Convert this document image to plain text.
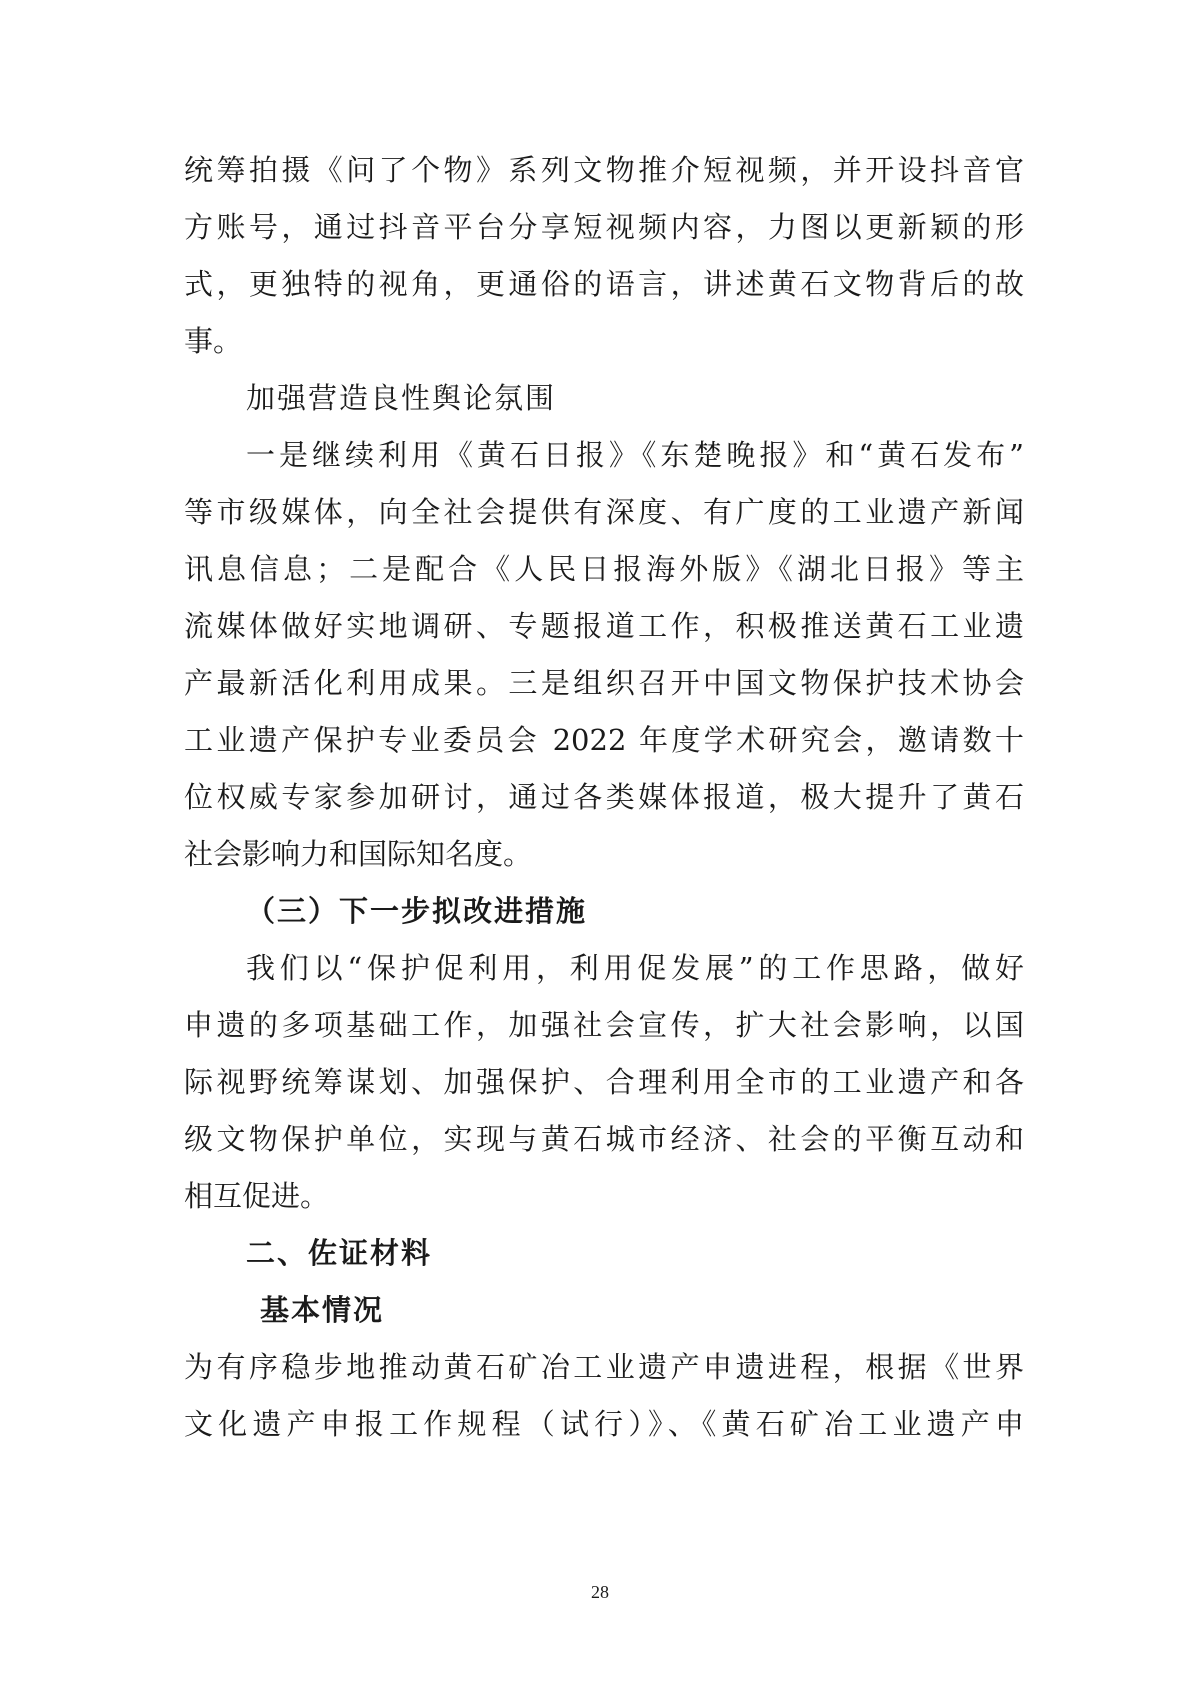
统筹拍摄《问了个物》系列文物推介短视频，并开设抖音官
方账号，通过抖音平台分享短视频内容，力图以更新颖的形
式，更独特的视角，更通俗的语言，讲述黄石文物背后的故
事。
加强营造良性舆论氛围
一是继续利用《黄石日报》《东楚晚报》和“黄石发布”
等市级媒体，向全社会提供有深度、有广度的工业遗产新闻
讯息信息；二是配合《人民日报海外版》《湖北日报》等主
流媒体做好实地调研、专题报道工作，积极推送黄石工业遗
产最新活化利用成果。三是组织召开中国文物保护技术协会
工业遗产保护专业委员会 2022 年度学术研究会，邀请数十
位权威专家参加研讨，通过各类媒体报道，极大提升了黄石
社会影响力和国际知名度。
（三）下一步拟改进措施
我们以“保护促利用，利用促发展”的工作思路，做好
申遗的多项基础工作，加强社会宣传，扩大社会影响，以国
际视野统筹谋划、加强保护、合理利用全市的工业遗产和各
级文物保护单位，实现与黄石城市经济、社会的平衡互动和
相互促进。
二、佐证材料
基本情况
为有序稳步地推动黄石矿冶工业遗产申遗进程，根据《世界
文化遗产申报工作规程（试行）》、《黄石矿冶工业遗产申
28
